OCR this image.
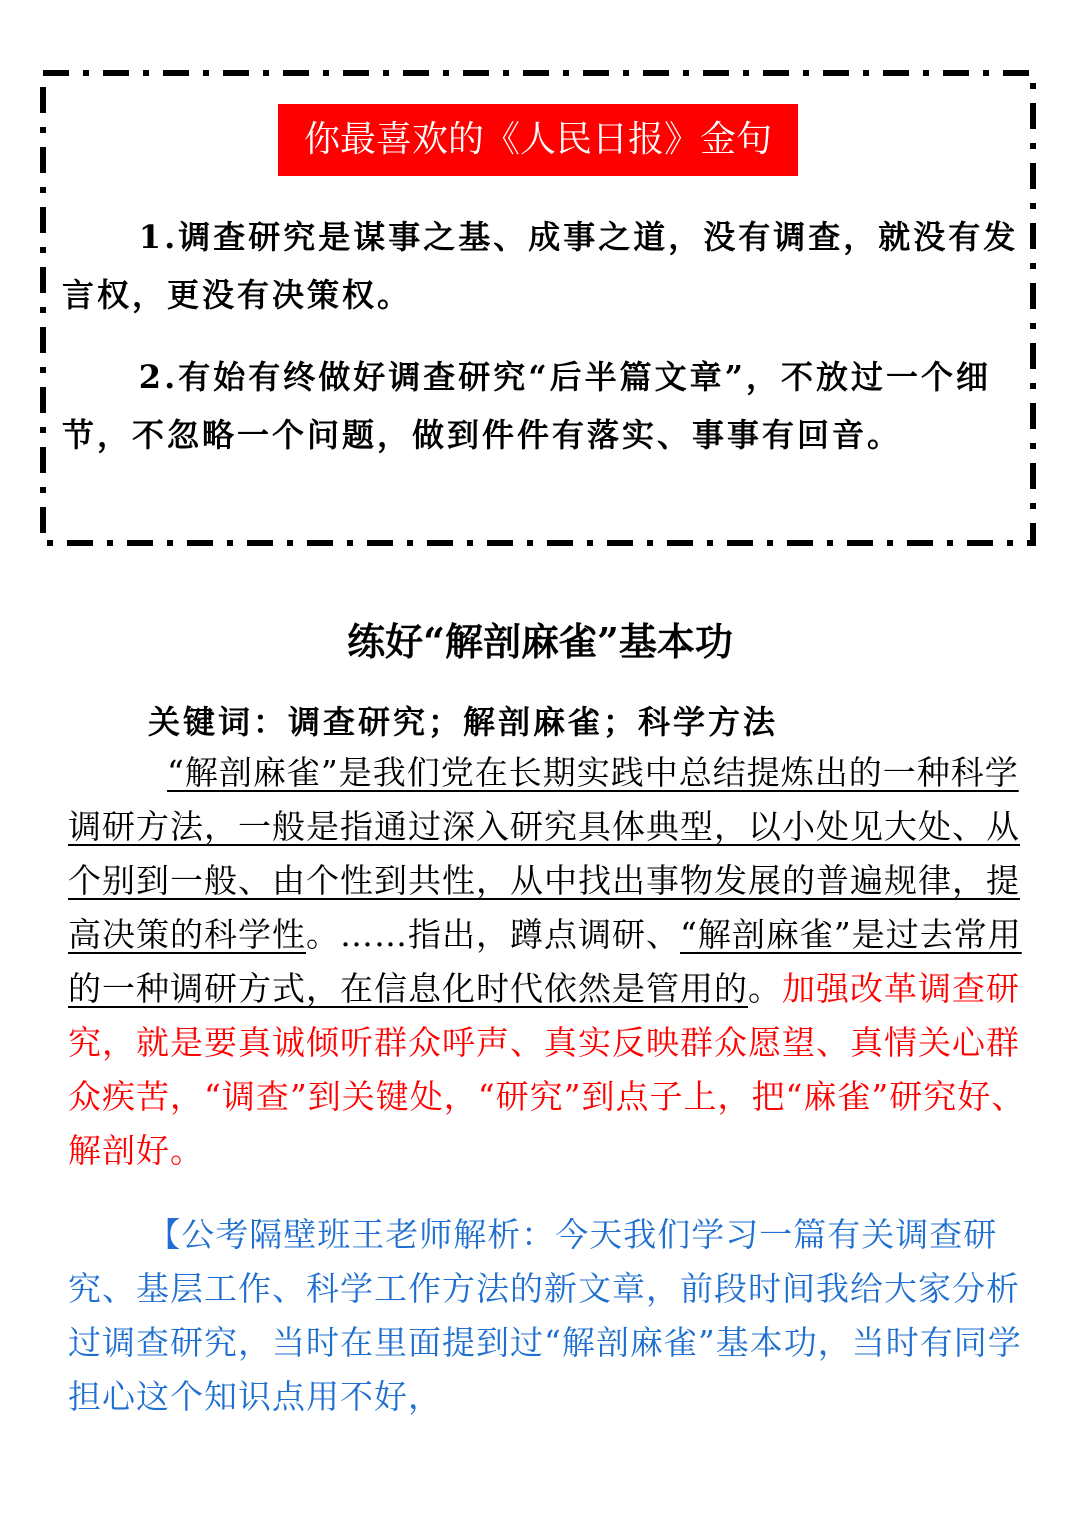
你最喜欢的《人民日报》金句

1.调查研究是谋事之基、成事之道，没有调查，就没有发言权，更没有决策权。

2.有始有终做好调查研究“后半篇文章”，不放过一个细节，不忽略一个问题，做到件件有落实、事事有回音。

练好“解剖麻雀”基本功

关键词：调查研究；解剖麻雀；科学方法

“解剖麻雀”是我们党在长期实践中总结提炼出的一种科学调研方法，一般是指通过深入研究具体典型，以小处见大处、从个别到一般、由个性到共性，从中找出事物发展的普遍规律，提高决策的科学性。……指出，蹲点调研、“解剖麻雀”是过去常用的一种调研方式，在信息化时代依然是管用的。加强改革调查研究，就是要真诚倾听群众呼声、真实反映群众愿望、真情关心群众疾苦，“调查”到关键处，“研究”到点子上，把“麻雀”研究好、解剖好。

【公考隔壁班王老师解析：今天我们学习一篇有关调查研究、基层工作、科学工作方法的新文章，前段时间我给大家分析过调查研究，当时在里面提到过“解剖麻雀”基本功，当时有同学担心这个知识点用不好，
